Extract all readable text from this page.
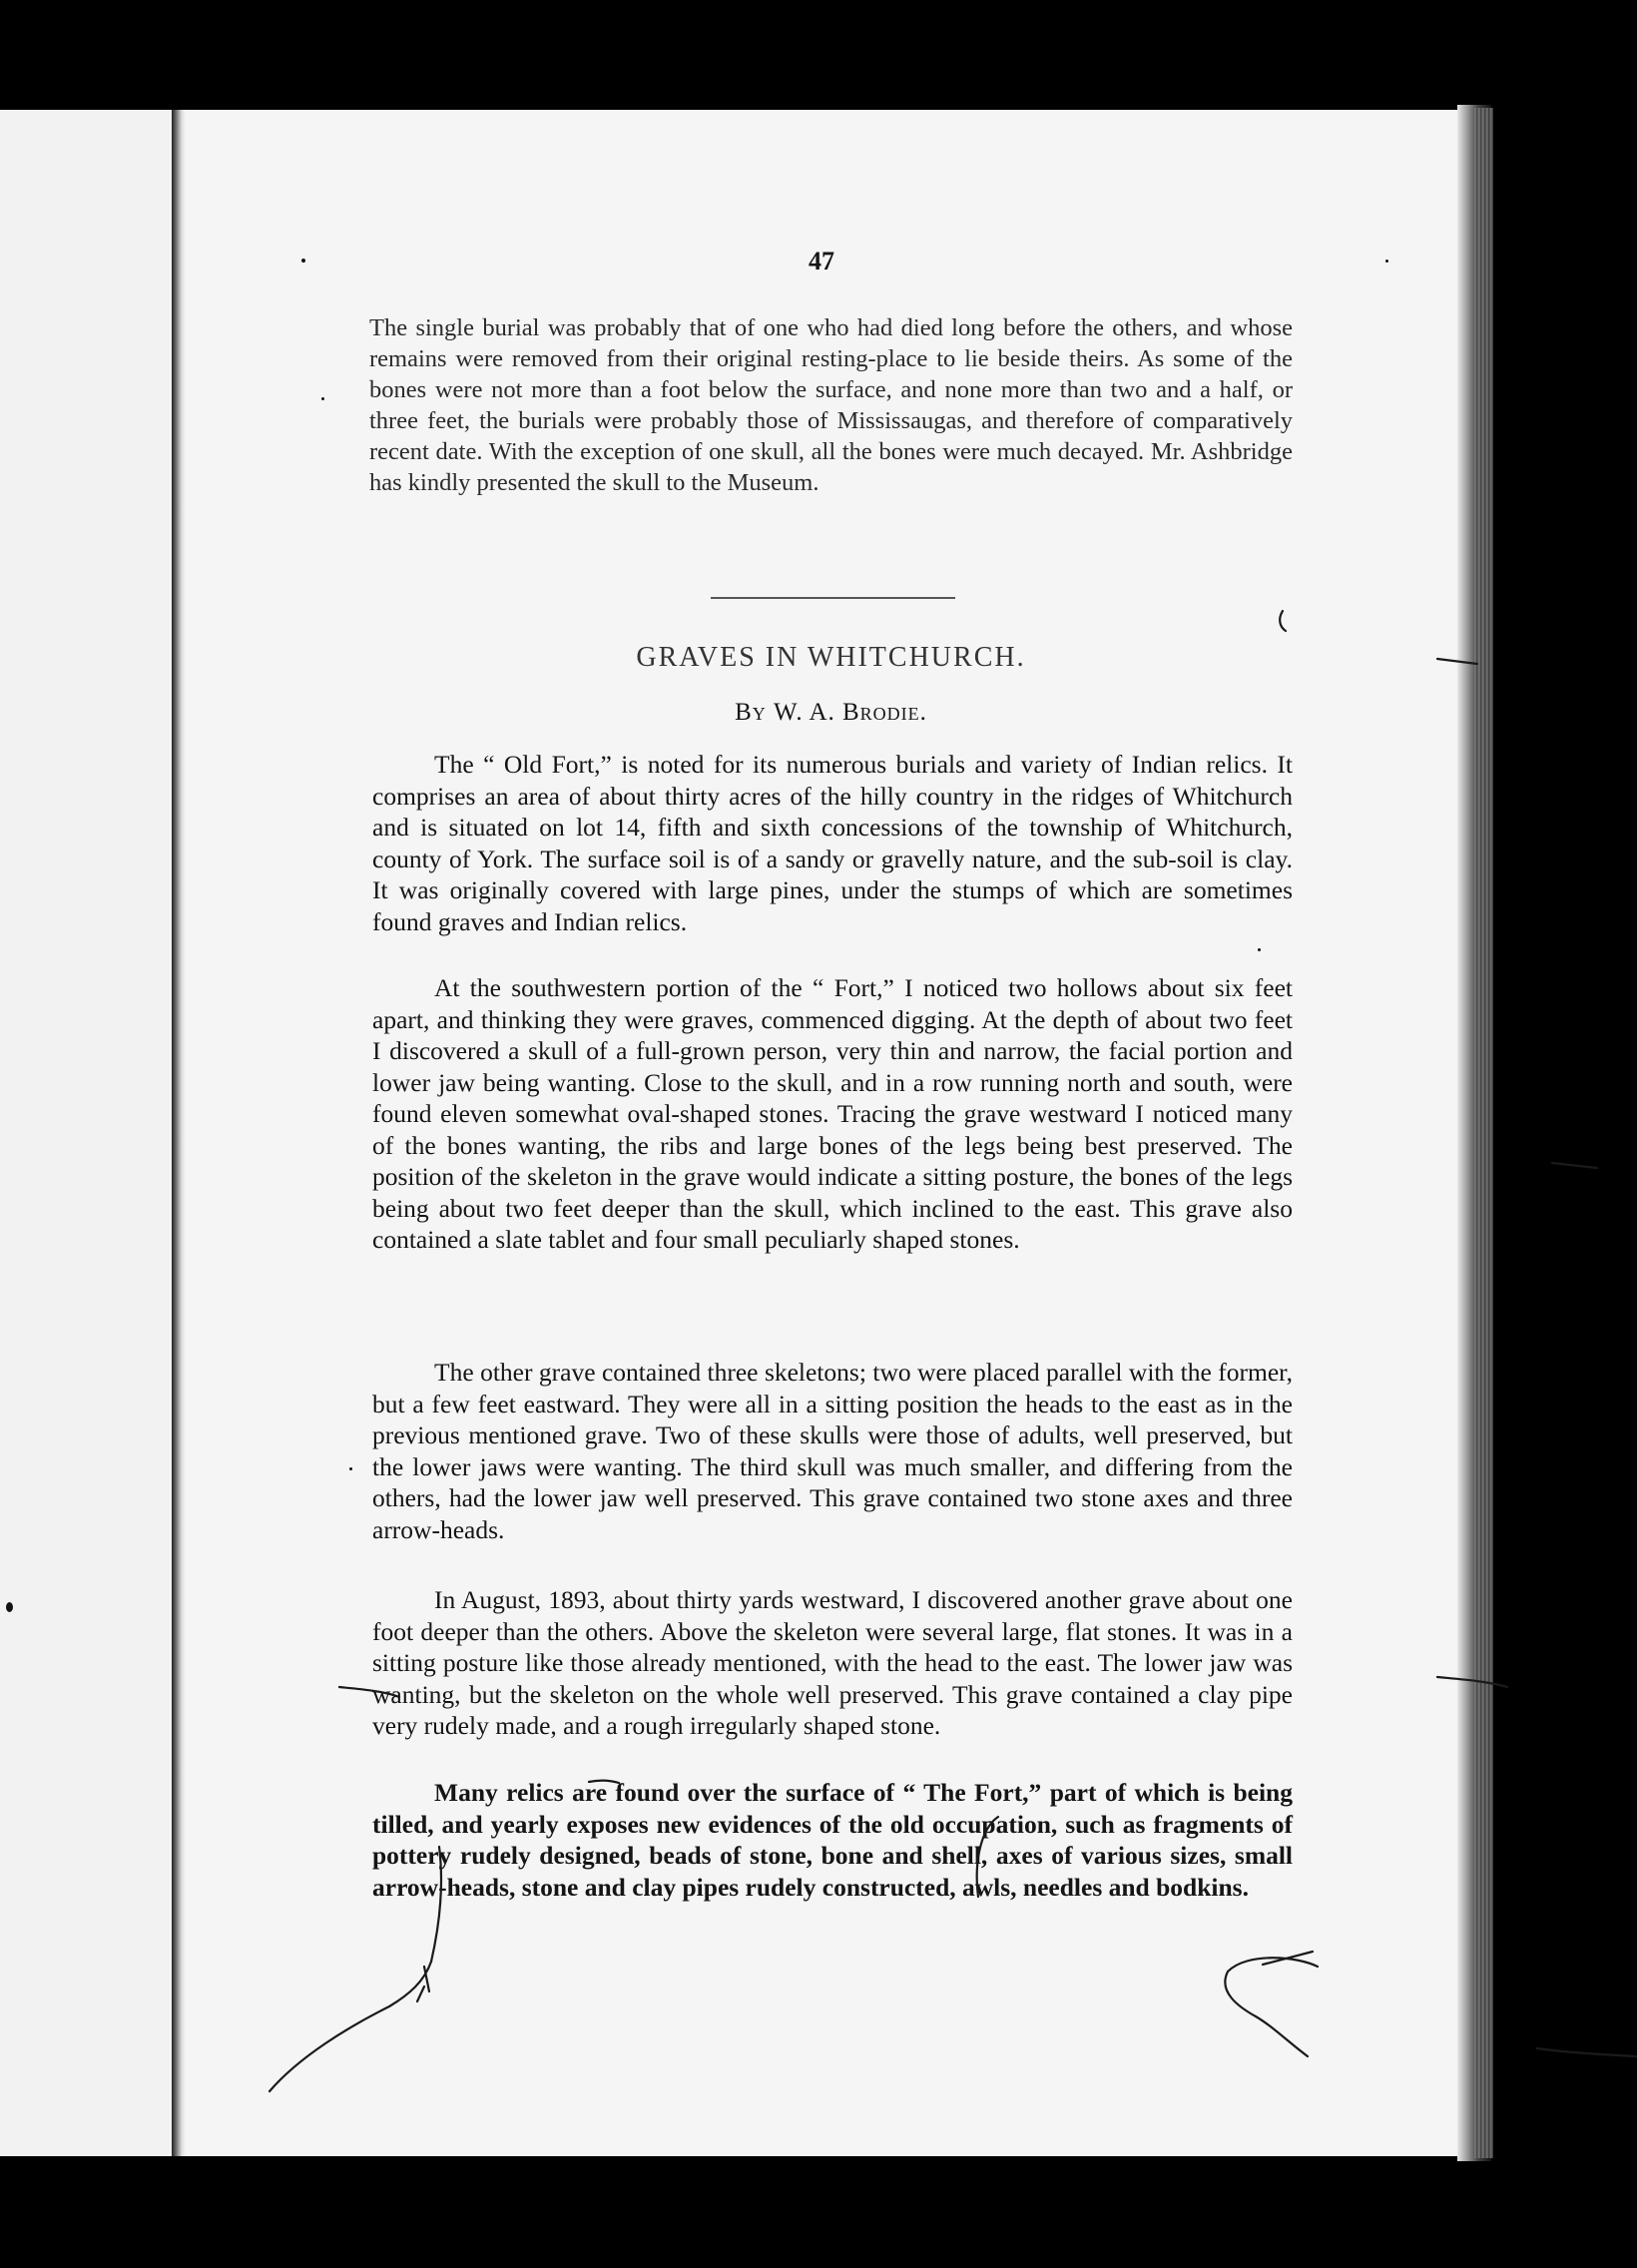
47
The single burial was probably that of one who had died long before the others, and whose remains were removed from their original resting-place to lie beside theirs. As some of the bones were not more than a foot below the surface, and none more than two and a half, or three feet, the burials were probably those of Mississaugas, and therefore of comparatively recent date. With the exception of one skull, all the bones were much decayed. Mr. Ashbridge has kindly presented the skull to the Museum.
GRAVES IN WHITCHURCH.
By W. A. Brodie.
The “ Old Fort,” is noted for its numerous burials and variety of Indian relics. It comprises an area of about thirty acres of the hilly country in the ridges of Whitchurch and is situated on lot 14, fifth and sixth concessions of the township of Whitchurch, county of York. The surface soil is of a sandy or gravelly nature, and the sub-soil is clay. It was originally covered with large pines, under the stumps of which are sometimes found graves and Indian relics.
At the southwestern portion of the “ Fort,” I noticed two hollows about six feet apart, and thinking they were graves, commenced digging. At the depth of about two feet I discovered a skull of a full-grown person, very thin and narrow, the facial portion and lower jaw being wanting. Close to the skull, and in a row running north and south, were found eleven somewhat oval-shaped stones. Tracing the grave westward I noticed many of the bones wanting, the ribs and large bones of the legs being best preserved. The position of the skeleton in the grave would indicate a sitting posture, the bones of the legs being about two feet deeper than the skull, which inclined to the east. This grave also contained a slate tablet and four small peculiarly shaped stones.
The other grave contained three skeletons; two were placed parallel with the former, but a few feet eastward. They were all in a sitting position the heads to the east as in the previous mentioned grave. Two of these skulls were those of adults, well preserved, but the lower jaws were wanting. The third skull was much smaller, and differing from the others, had the lower jaw well preserved. This grave contained two stone axes and three arrow-heads.
In August, 1893, about thirty yards westward, I discovered another grave about one foot deeper than the others. Above the skeleton were several large, flat stones. It was in a sitting posture like those already mentioned, with the head to the east. The lower jaw was wanting, but the skeleton on the whole well preserved. This grave contained a clay pipe very rudely made, and a rough irregularly shaped stone.
Many relics are found over the surface of “ The Fort,” part of which is being tilled, and yearly exposes new evidences of the old occupation, such as fragments of pottery rudely designed, beads of stone, bone and shell, axes of various sizes, small arrow-heads, stone and clay pipes rudely constructed, awls, needles and bodkins.
